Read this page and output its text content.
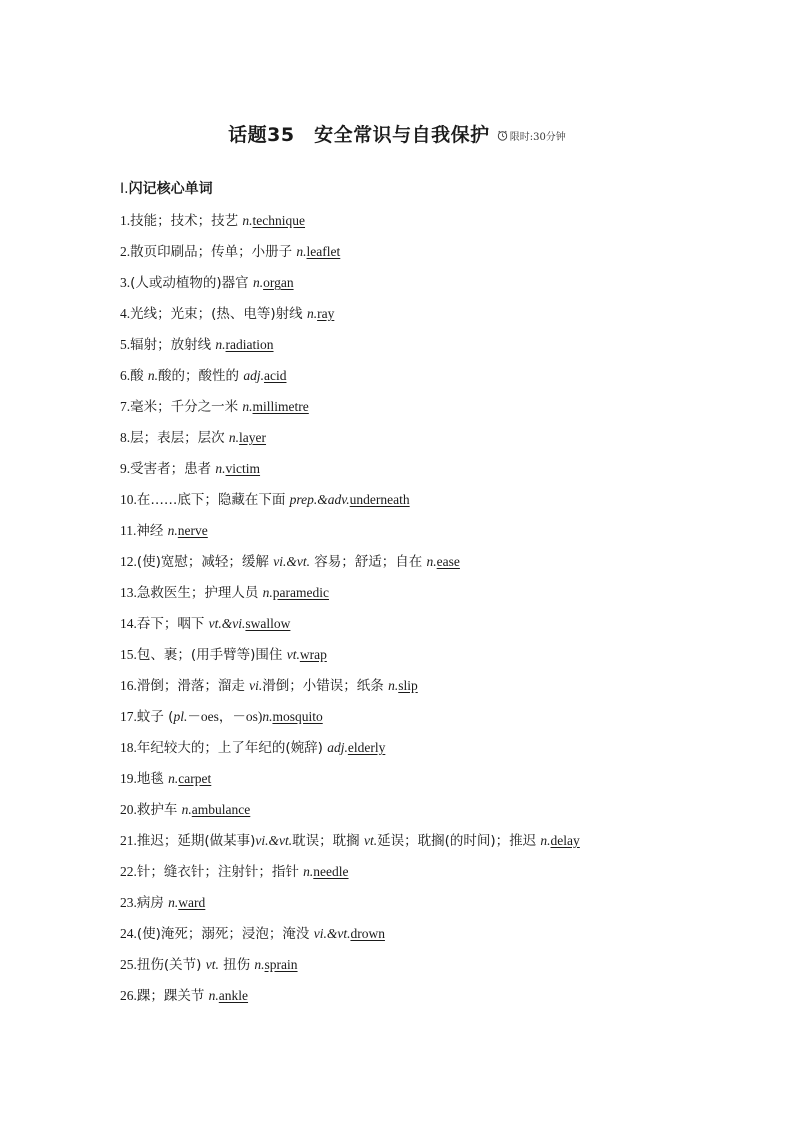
话题35　安全常识与自我保护 限时:30分钟
Ⅰ.闪记核心单词
1.技能；技术；技艺 n.technique
2.散页印刷品；传单；小册子 n.leaflet
3.(人或动植物的)器官 n.organ
4.光线；光束；(热、电等)射线 n.ray
5.辐射；放射线 n.radiation
6.酸 n.酸的；酸性的 adj.acid
7.毫米；千分之一米 n.millimetre
8.层；表层；层次 n.layer
9.受害者；患者 n.victim
10.在……底下；隐藏在下面 prep.&adv.underneath
11.神经 n.nerve
12.(使)宽慰；减轻；缓解 vi.&vt. 容易；舒适；自在 n.ease
13.急救医生；护理人员 n.paramedic
14.吞下；咽下 vt.&vi.swallow
15.包、裹；(用手臂等)围住 vt.wrap
16.滑倒；滑落；溜走 vi.滑倒；小错误；纸条 n.slip
17.蚊子 (pl.－oes，－os)n.mosquito
18.年纪较大的；上了年纪的(婉辞) adj.elderly
19.地毯 n.carpet
20.救护车 n.ambulance
21.推迟；延期(做某事)vi.&vt.耽误；耽搁 vt.延误；耽搁(的时间)；推迟 n.delay
22.针；缝衣针；注射针；指针 n.needle
23.病房 n.ward
24.(使)淹死；溺死；浸泡；淹没 vi.&vt.drown
25.扭伤(关节) vt. 扭伤 n.sprain
26.踝；踝关节 n.ankle
